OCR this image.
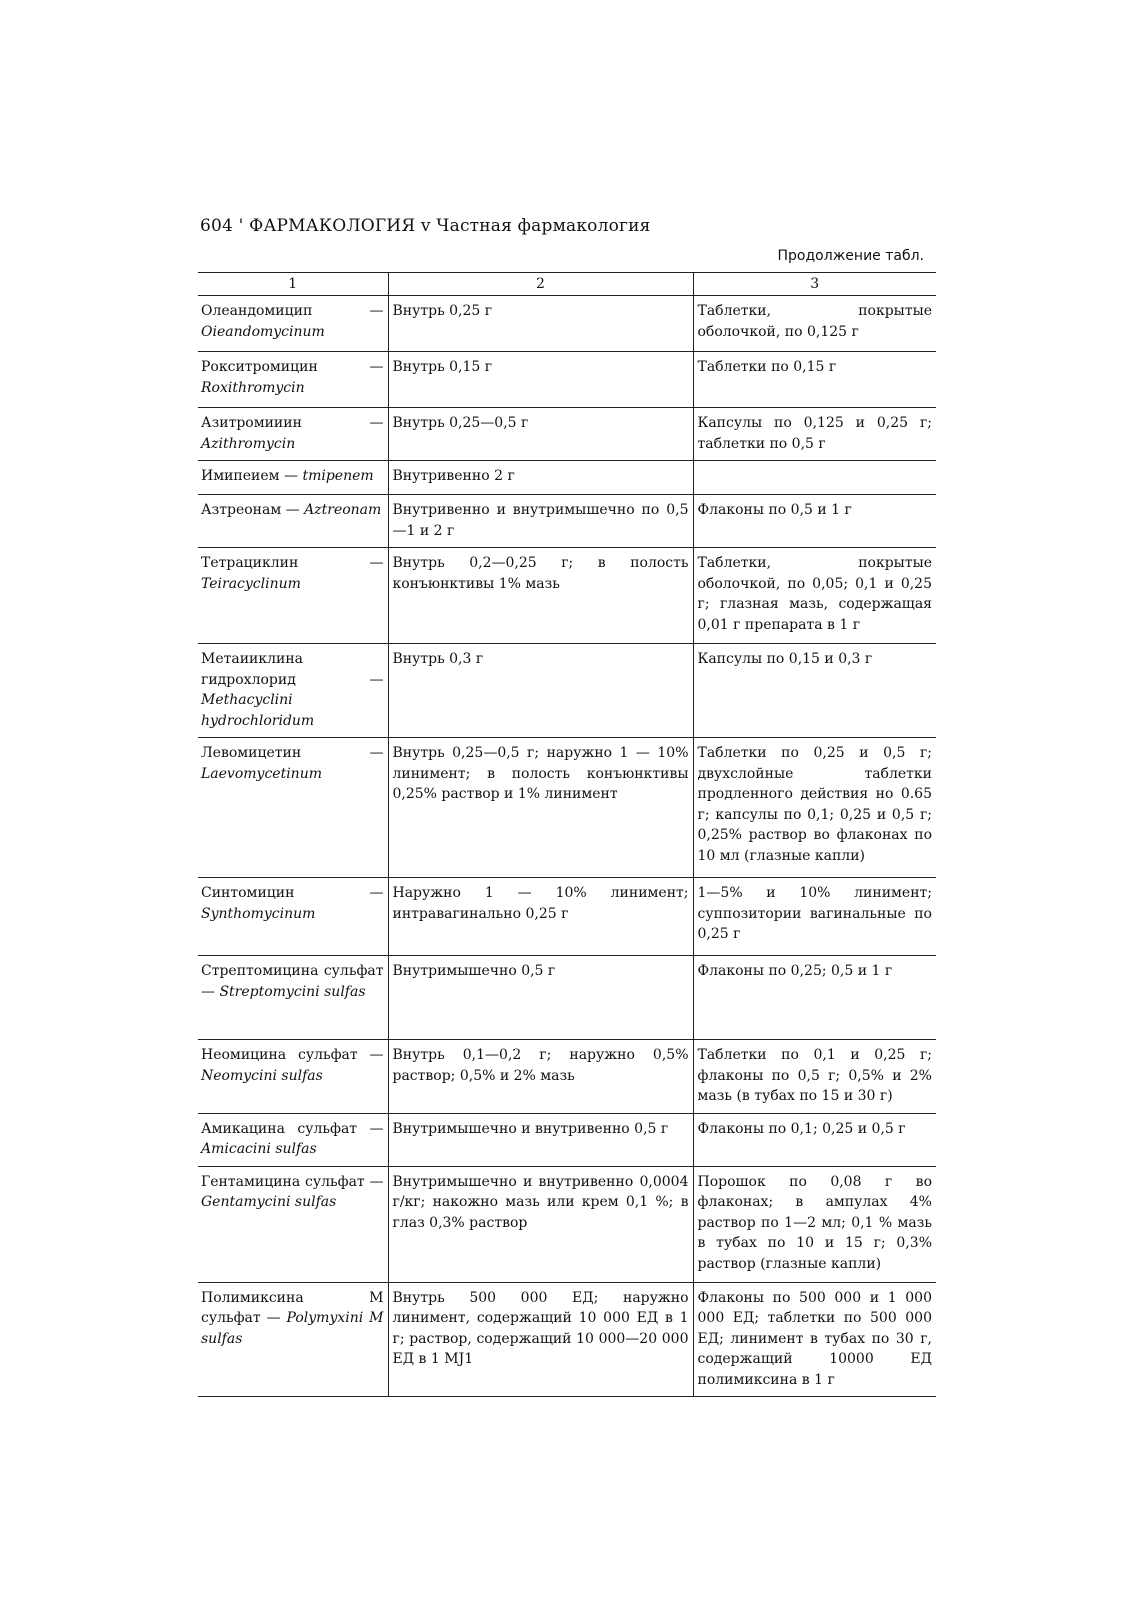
604 ' ФАРМАКОЛОГИЯ v Частная фармакология
Продолжение табл.
1	2	3
Олеандомицип — Oieandomycinum	Внутрь 0,25 г	Таблетки, покрытые оболочкой, по 0,125 г
Рокситромицин — Roxithromycin	Внутрь 0,15 г	Таблетки по 0,15 г
Азитромииин — Azithromycin	Внутрь 0,25—0,5 г	Капсулы по 0,125 и 0,25 г; таблетки по 0,5 г
Имипеием — tmipenem	Внутривенно 2 г	
Азтреонам — Aztreonam	Внутривенно и внутримышечно по 0,5—1 и 2 г	Флаконы по 0,5 и 1 г
Тетрациклин — Teiracyclinum	Внутрь 0,2—0,25 г; в полость конъюнктивы 1% мазь	Таблетки, покрытые оболочкой, по 0,05; 0,1 и 0,25 г; глазная мазь, содержащая 0,01 г препарата в 1 г
Метаииклина гидрохлорид — Methacyclini hydrochloridum	Внутрь 0,3 г	Капсулы по 0,15 и 0,3 г
Левомицетин — Laevomycetinum	Внутрь 0,25—0,5 г; наружно 1 — 10% линимент; в полость конъюнктивы 0,25% раствор и 1% линимент	Таблетки по 0,25 и 0,5 г; двухслойные таблетки продленного действия но 0.65 г; капсулы по 0,1; 0,25 и 0,5 г; 0,25% раствор во флаконах по 10 мл (глазные капли)
Синтомицин — Synthomycinum	Наружно 1 — 10% линимент; интравагинально 0,25 г	1—5% и 10% линимент; суппозитории вагинальные по 0,25 г
Стрептомицина сульфат — Streptomycini sulfas	Внутримышечно 0,5 г	Флаконы по 0,25; 0,5 и 1 г
Неомицина сульфат — Neomycini sulfas	Внутрь 0,1—0,2 г; наружно 0,5% раствор; 0,5% и 2% мазь	Таблетки по 0,1 и 0,25 г; флаконы по 0,5 г; 0,5% и 2% мазь (в тубах по 15 и 30 г)
Амикацина сульфат — Amicacini sulfas	Внутримышечно и внутривенно 0,5 г	Флаконы по 0,1; 0,25 и 0,5 г
Гентамицина сульфат — Gentamycini sulfas	Внутримышечно и внутривенно 0,0004 г/кг; накожно мазь или крем 0,1 %; в глаз 0,3% раствор	Порошок по 0,08 г во флаконах; в ампулах 4% раствор по 1—2 мл; 0,1 % мазь в тубах по 10 и 15 г; 0,3% раствор (глазные капли)
Полимиксина М сульфат — Polymyxini M sulfas	Внутрь 500 000 ЕД; наружно линимент, содержащий 10 000 ЕД в 1 г; раствор, содержащий 10 000—20 000 ЕД в 1 MJ1	Флаконы по 500 000 и 1 000 000 ЕД; таблетки по 500 000 ЕД; линимент в тубах по 30 г, содержащий 10000 ЕД полимиксина в 1 г
